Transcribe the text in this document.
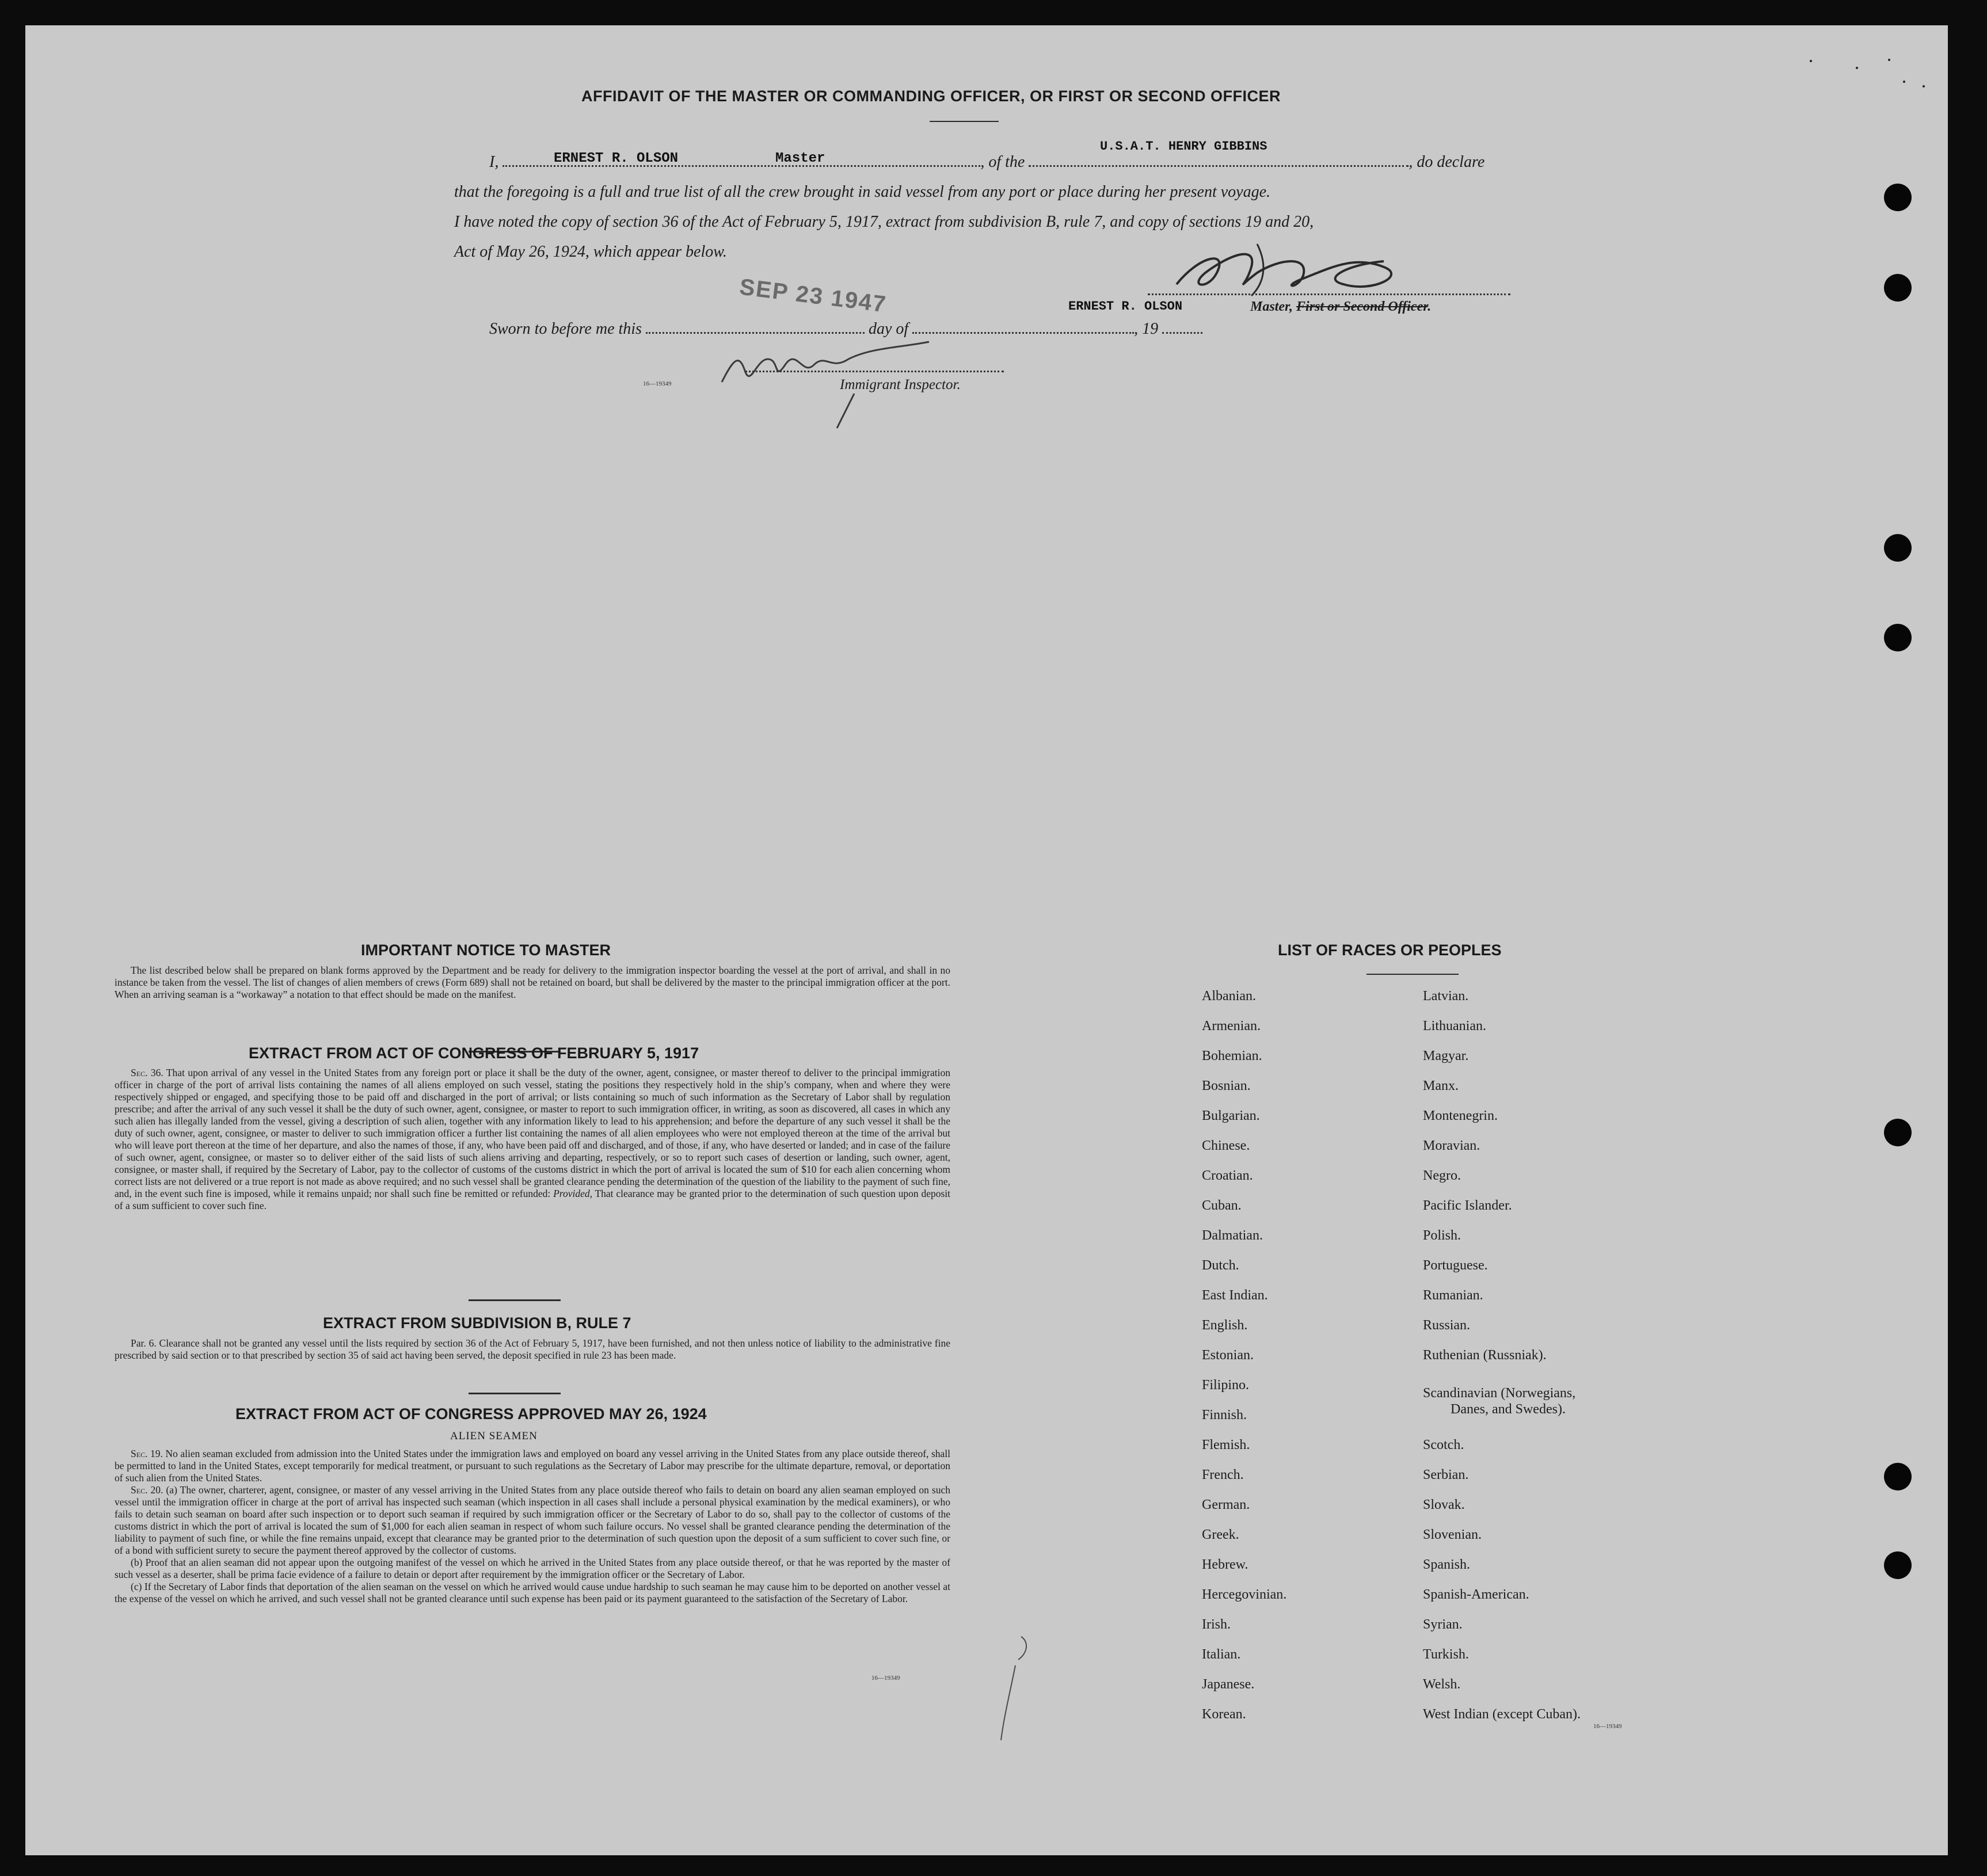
AFFIDAVIT OF THE MASTER OR COMMANDING OFFICER, OR FIRST OR SECOND OFFICER
U.S.A.T. HENRY GIBBINS
I,	, of the	, do declare
ERNEST R. OLSON	Master
that the foregoing is a full and true list of all the crew brought in said vessel from any port or place during her present voyage.
I have noted the copy of section 36 of the Act of February 5, 1917, extract from subdivision B, rule 7, and copy of sections 19 and 20,
Act of May 26, 1924, which appear below.
ERNEST R. OLSON	Master, First or Second Officer.
SEP 23 1947
Sworn to before me this	day of	, 19
16—19349	Immigrant Inspector.
IMPORTANT NOTICE TO MASTER

The list described below shall be prepared on blank forms approved by the Department and be ready for delivery to the immigration inspector boarding the vessel at the port of arrival, and shall in no instance be taken from the vessel. The list of changes of alien members of crews (Form 689) shall not be retained on board, but shall be delivered by the master to the principal immigration officer at the port. When an arriving seaman is a “workaway” a notation to that effect should be made on the manifest.

EXTRACT FROM ACT OF CONGRESS OF FEBRUARY 5, 1917

Sec. 36. That upon arrival of any vessel in the United States from any foreign port or place it shall be the duty of the owner, agent, consignee, or master thereof to deliver to the principal immigration officer in charge of the port of arrival lists containing the names of all aliens employed on such vessel, stating the positions they respectively hold in the ship’s company, when and where they were respectively shipped or engaged, and specifying those to be paid off and discharged in the port of arrival; or lists containing so much of such information as the Secretary of Labor shall by regulation prescribe; and after the arrival of any such vessel it shall be the duty of such owner, agent, consignee, or master to report to such immigration officer, in writing, as soon as discovered, all cases in which any such alien has illegally landed from the vessel, giving a description of such alien, together with any information likely to lead to his apprehension; and before the departure of any such vessel it shall be the duty of such owner, agent, consignee, or master to deliver to such immigration officer a further list containing the names of all alien employees who were not employed thereon at the time of the arrival but who will leave port thereon at the time of her departure, and also the names of those, if any, who have been paid off and discharged, and of those, if any, who have deserted or landed; and in case of the failure of such owner, agent, consignee, or master so to deliver either of the said lists of such aliens arriving and departing, respectively, or so to report such cases of desertion or landing, such owner, agent, consignee, or master shall, if required by the Secretary of Labor, pay to the collector of customs of the customs district in which the port of arrival is located the sum of $10 for each alien concerning whom correct lists are not delivered or a true report is not made as above required; and no such vessel shall be granted clearance pending the determination of the question of the liability to the payment of such fine, and, in the event such fine is imposed, while it remains unpaid; nor shall such fine be remitted or refunded: Provided, That clearance may be granted prior to the determination of such question upon deposit of a sum sufficient to cover such fine.

EXTRACT FROM SUBDIVISION B, RULE 7

Par. 6. Clearance shall not be granted any vessel until the lists required by section 36 of the Act of February 5, 1917, have been furnished, and not then unless notice of liability to the administrative fine prescribed by said section or to that prescribed by section 35 of said act having been served, the deposit specified in rule 23 has been made.

EXTRACT FROM ACT OF CONGRESS APPROVED MAY 26, 1924
ALIEN SEAMEN

Sec. 19. No alien seaman excluded from admission into the United States under the immigration laws and employed on board any vessel arriving in the United States from any place outside thereof, shall be permitted to land in the United States, except temporarily for medical treatment, or pursuant to such regulations as the Secretary of Labor may prescribe for the ultimate departure, removal, or deportation of such alien from the United States.

Sec. 20. (a) The owner, charterer, agent, consignee, or master of any vessel arriving in the United States from any place outside thereof who fails to detain on board any alien seaman employed on such vessel until the immigration officer in charge at the port of arrival has inspected such seaman (which inspection in all cases shall include a personal physical examination by the medical examiners), or who fails to detain such seaman on board after such inspection or to deport such seaman if required by such immigration officer or the Secretary of Labor to do so, shall pay to the collector of customs of the customs district in which the port of arrival is located the sum of $1,000 for each alien seaman in respect of whom such failure occurs. No vessel shall be granted clearance pending the determination of the liability to payment of such fine, or while the fine remains unpaid, except that clearance may be granted prior to the determination of such question upon the deposit of a sum sufficient to cover such fine, or of a bond with sufficient surety to secure the payment thereof approved by the collector of customs.

(b) Proof that an alien seaman did not appear upon the outgoing manifest of the vessel on which he arrived in the United States from any place outside thereof, or that he was reported by the master of such vessel as a deserter, shall be prima facie evidence of a failure to detain or deport after requirement by the immigration officer or the Secretary of Labor.

(c) If the Secretary of Labor finds that deportation of the alien seaman on the vessel on which he arrived would cause undue hardship to such seaman he may cause him to be deported on another vessel at the expense of the vessel on which he arrived, and such vessel shall not be granted clearance until such expense has been paid or its payment guaranteed to the satisfaction of the Secretary of Labor.

16—19349
LIST OF RACES OR PEOPLES
Albanian.
Armenian.
Bohemian.
Bosnian.
Bulgarian.
Chinese.
Croatian.
Cuban.
Dalmatian.
Dutch.
East Indian.
English.
Estonian.
Filipino.
Finnish.
Flemish.
French.
German.
Greek.
Hebrew.
Hercegovinian.
Irish.
Italian.
Japanese.
Korean.
Latvian.
Lithuanian.
Magyar.
Manx.
Montenegrin.
Moravian.
Negro.
Pacific Islander.
Polish.
Portuguese.
Rumanian.
Russian.
Ruthenian (Russniak).
Scandinavian (Norwegians,
Danes, and Swedes).
Scotch.
Serbian.
Slovak.
Slovenian.
Spanish.
Spanish-American.
Syrian.
Turkish.
Welsh.
West Indian (except Cuban).
16—19349
